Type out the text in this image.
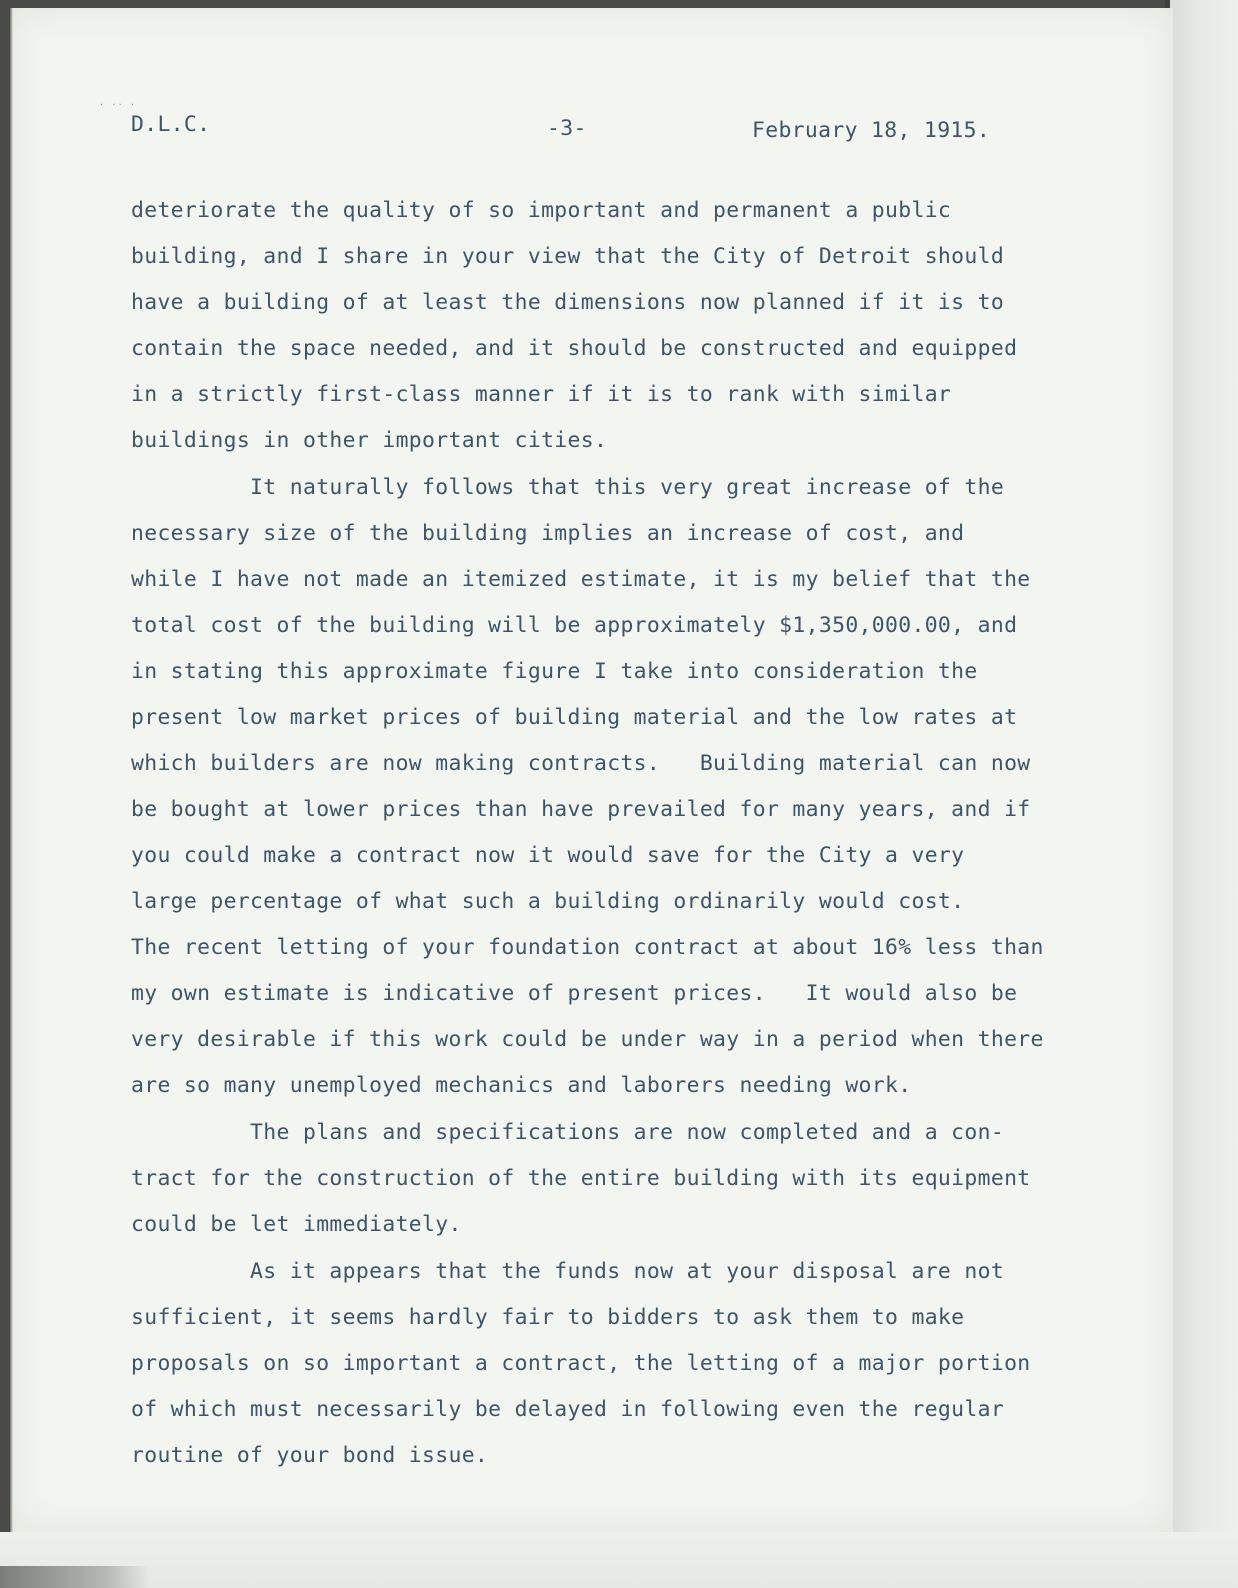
· ·· ·
D.L.C.	-3-	February 18, 1915.
deteriorate the quality of so important and permanent a public
building, and I share in your view that the City of Detroit should
have a building of at least the dimensions now planned if it is to
contain the space needed, and it should be constructed and equipped
in a strictly first-class manner if it is to rank with similar
buildings in other important cities.
It naturally follows that this very great increase of the
necessary size of the building implies an increase of cost, and
while I have not made an itemized estimate, it is my belief that the
total cost of the building will be approximately $1,350,000.00, and
in stating this approximate figure I take into consideration the
present low market prices of building material and the low rates at
which builders are now making contracts.   Building material can now
be bought at lower prices than have prevailed for many years, and if
you could make a contract now it would save for the City a very
large percentage of what such a building ordinarily would cost.
The recent letting of your foundation contract at about 16% less than
my own estimate is indicative of present prices.   It would also be
very desirable if this work could be under way in a period when there
are so many unemployed mechanics and laborers needing work.
The plans and specifications are now completed and a con-
tract for the construction of the entire building with its equipment
could be let immediately.
As it appears that the funds now at your disposal are not
sufficient, it seems hardly fair to bidders to ask them to make
proposals on so important a contract, the letting of a major portion
of which must necessarily be delayed in following even the regular
routine of your bond issue.
